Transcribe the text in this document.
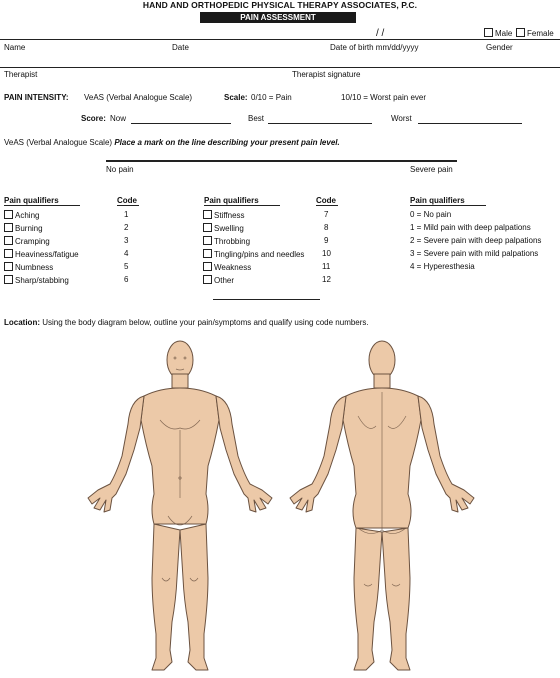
HAND AND ORTHOPEDIC PHYSICAL THERAPY ASSOCIATES, P.C.
PAIN ASSESSMENT
/ /	Male	Female
Name	Date	Date of birth mm/dd/yyyy	Gender
Therapist	Therapist signature
PAIN INTENSITY: VeAS (Verbal Analogue Scale)	Scale: 0/10 = Pain	10/10 = Worst pain ever
Score: Now	Best	Worst
VeAS (Verbal Analogue Scale) Place a mark on the line describing your present pain level.
No pain	Severe pain
Pain qualifiers	Code	Pain qualifiers	Code	Pain qualifiers
Aching	1
Burning	2
Cramping	3
Heaviness/fatigue	4
Numbness	5
Sharp/stabbing	6
Stiffness	7
Swelling	8
Throbbing	9
Tingling/pins and needles 10
Weakness	11
Other	12
0 = No pain
1 = Mild pain with deep palpations
2 = Severe pain with deep palpations
3 = Severe pain with mild palpations
4 = Hyperesthesia
Location: Using the body diagram below, outline your pain/symptoms and qualify using code numbers.
